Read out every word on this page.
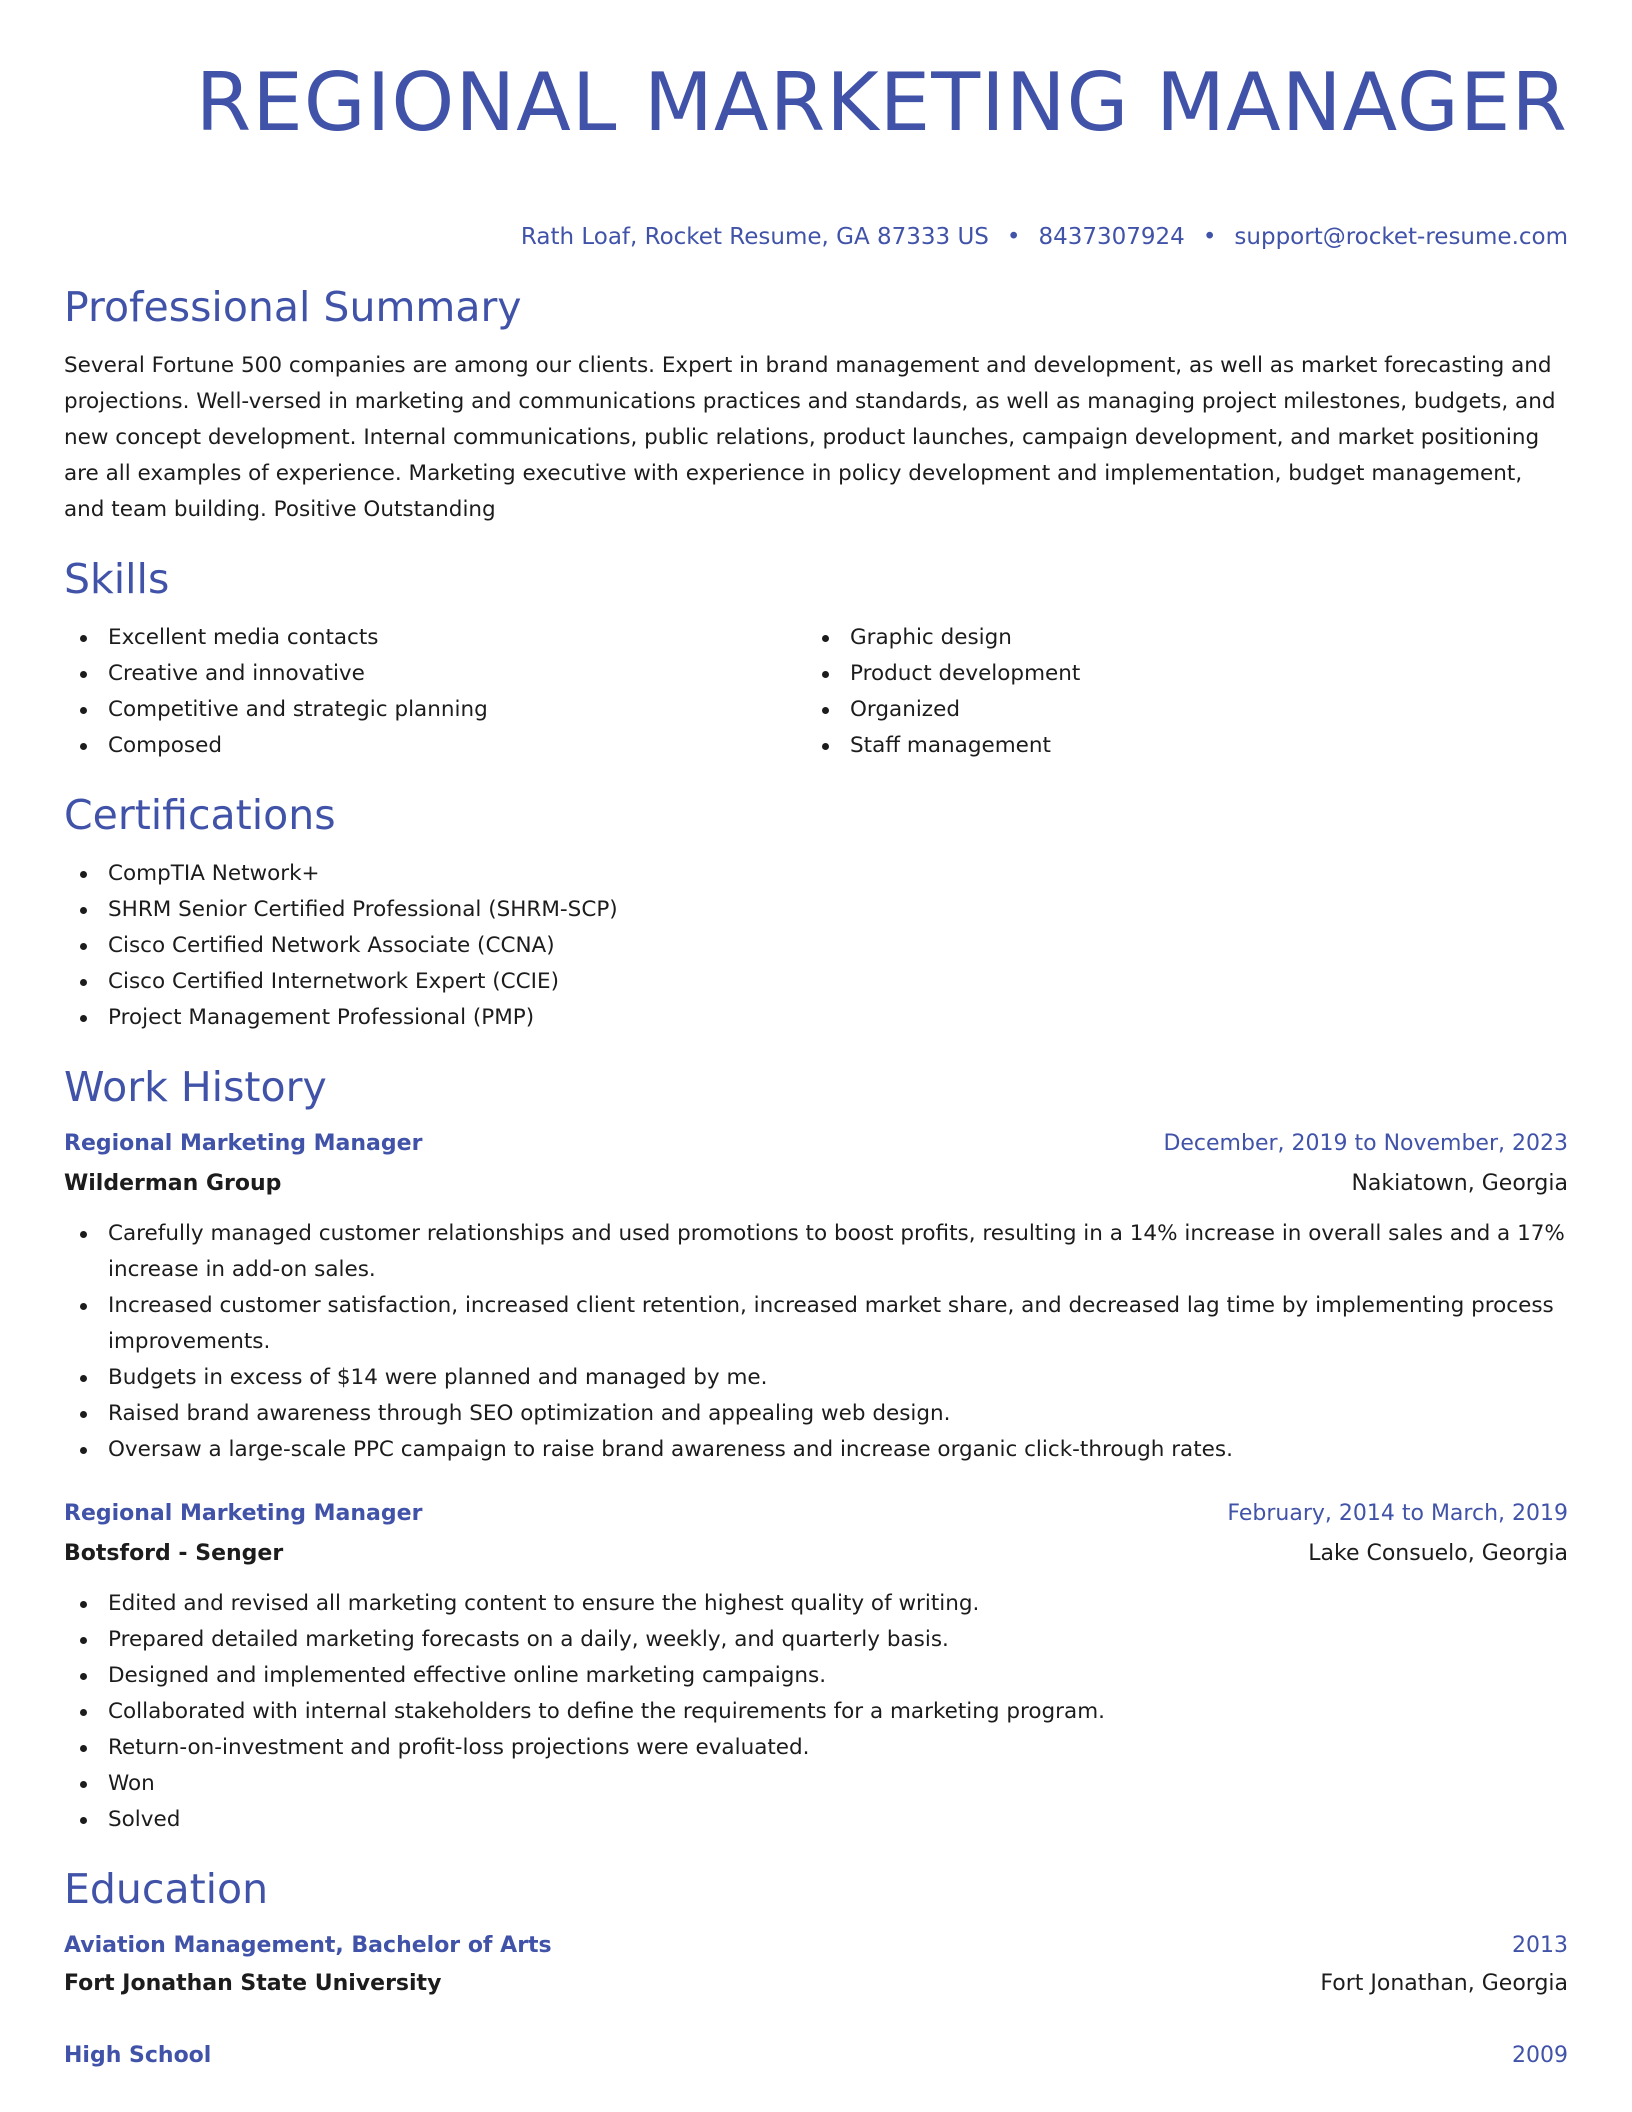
REGIONAL MARKETING MANAGER
Rath Loaf, Rocket Resume, GA 87333 US • 8437307924 • support@rocket-resume.com
Professional Summary

Several Fortune 500 companies are among our clients. Expert in brand management and development, as well as market forecasting and projections. Well-versed in marketing and communications practices and standards, as well as managing project milestones, budgets, and new concept development. Internal communications, public relations, product launches, campaign development, and market positioning are all examples of experience. Marketing executive with experience in policy development and implementation, budget management, and team building. Positive Outstanding

Skills
Excellent media contacts
Creative and innovative
Competitive and strategic planning
Composed
Graphic design
Product development
Organized
Staff management
Certifications
CompTIA Network+
SHRM Senior Certified Professional (SHRM-SCP)
Cisco Certified Network Associate (CCNA)
Cisco Certified Internetwork Expert (CCIE)
Project Management Professional (PMP)
Work History
Regional Marketing Manager	December, 2019 to November, 2023
Wilderman Group	Nakiatown, Georgia
Carefully managed customer relationships and used promotions to boost profits, resulting in a 14% increase in overall sales and a 17% increase in add-on sales.
Increased customer satisfaction, increased client retention, increased market share, and decreased lag time by implementing process improvements.
Budgets in excess of $14 were planned and managed by me.
Raised brand awareness through SEO optimization and appealing web design.
Oversaw a large-scale PPC campaign to raise brand awareness and increase organic click-through rates.
Regional Marketing Manager	February, 2014 to March, 2019
Botsford - Senger	Lake Consuelo, Georgia
Edited and revised all marketing content to ensure the highest quality of writing.
Prepared detailed marketing forecasts on a daily, weekly, and quarterly basis.
Designed and implemented effective online marketing campaigns.
Collaborated with internal stakeholders to define the requirements for a marketing program.
Return-on-investment and profit-loss projections were evaluated.
Won
Solved
Education
Aviation Management, Bachelor of Arts	2013
Fort Jonathan State University	Fort Jonathan, Georgia
High School	2009
